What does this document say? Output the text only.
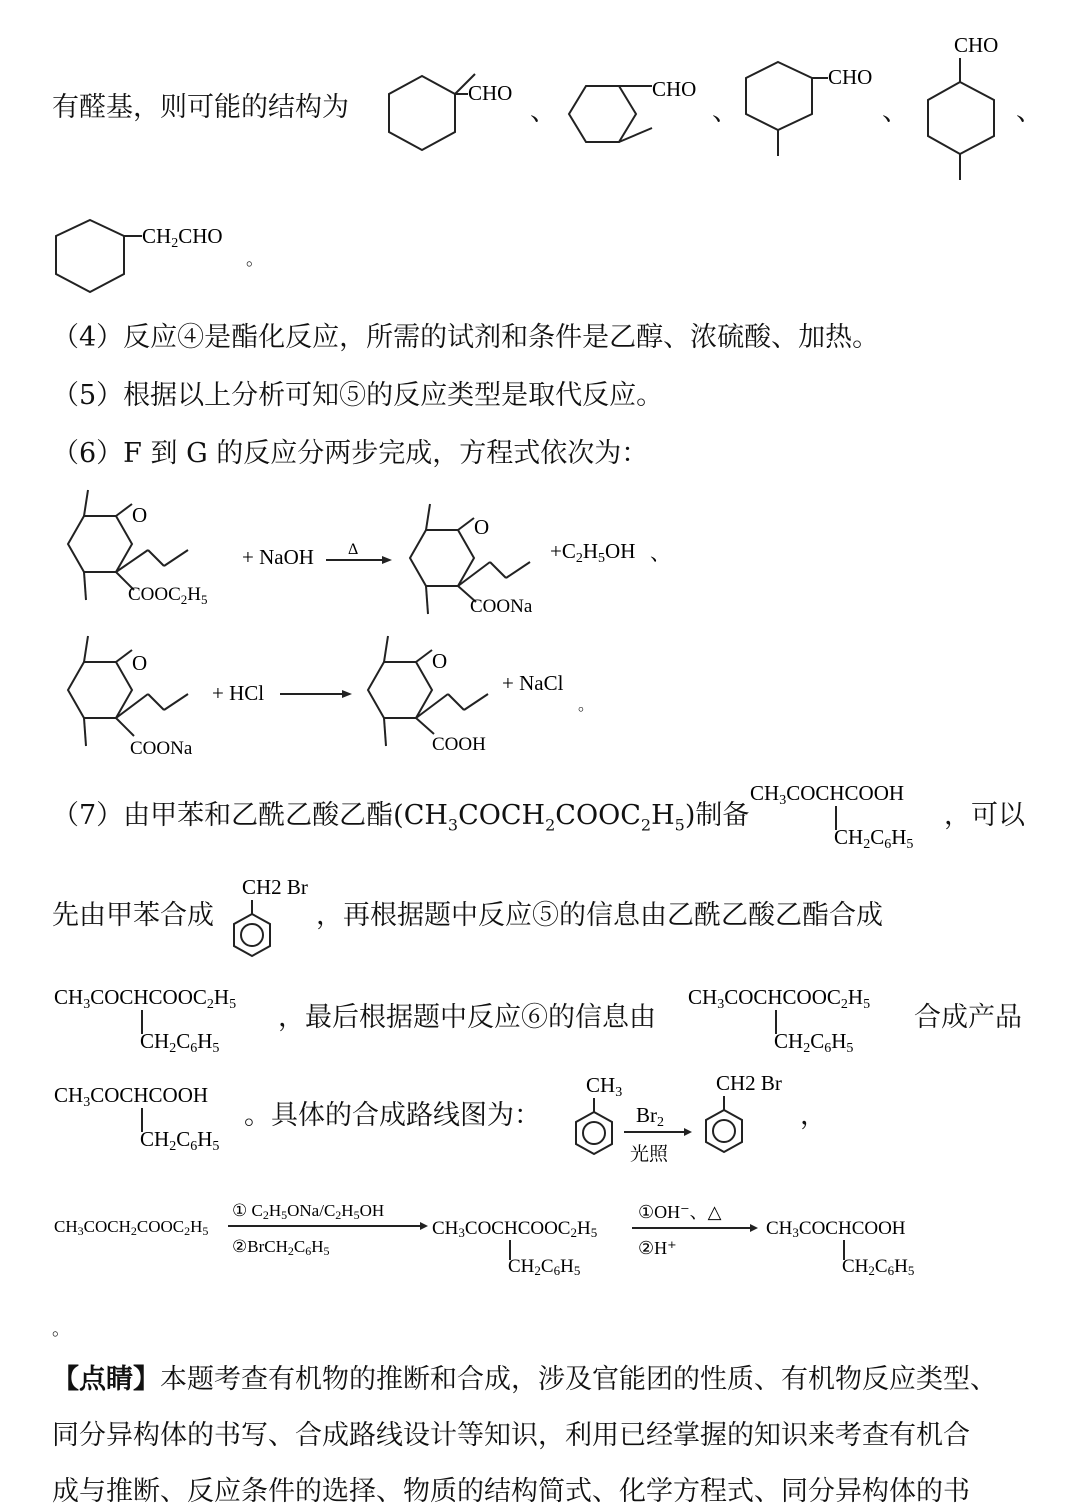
有醛基，则可能的结构为	CHO
、
CHO
、
CHO
、
CHO
、
CH2CHO
。
（4）反应④是酯化反应，所需的试剂和条件是乙醇、浓硫酸、加热。
（5）根据以上分析可知⑤的反应类型是取代反应。
（6）F 到 G 的反应分两步完成，方程式依次为：
O
$COOC_2H_5$
+ NaOH Δ
O
COONa
+C2H5OH 、
O
COONa
+ HCl
O
COOH
+ NaCl
。
（7）由甲苯和乙酰乙酸乙酯$(CH_3COCH_2COOC_2H_5)$制备
CH3COCHCOOH
CH2C6H5
，可以
先由甲苯合成
CH2 Br
，再根据题中反应⑤的信息由乙酰乙酸乙酯合成
CH3COCHCOOC2H5
CH2C6H5
，最后根据题中反应⑥的信息由
CH3COCHCOOC2H5
CH2C6H5
合成产品
CH3COCHCOOH
CH2C6H5
。具体的合成路线图为：
CH3
Br2
光照
CH2 Br
，
CH3COCH2COOC2H5
① C2H5ONa/C2H5OH
②BrCH2C6H5
CH3COCHCOOC2H5
CH2C6H5
①OH⁻、△
②H⁺
CH3COCHCOOH
CH2C6H5
。
【点睛】本题考查有机物的推断和合成，涉及官能团的性质、有机物反应类型、
同分异构体的书写、合成路线设计等知识，利用已经掌握的知识来考查有机合
成与推断、反应条件的选择、物质的结构简式、化学方程式、同分异构体的书
